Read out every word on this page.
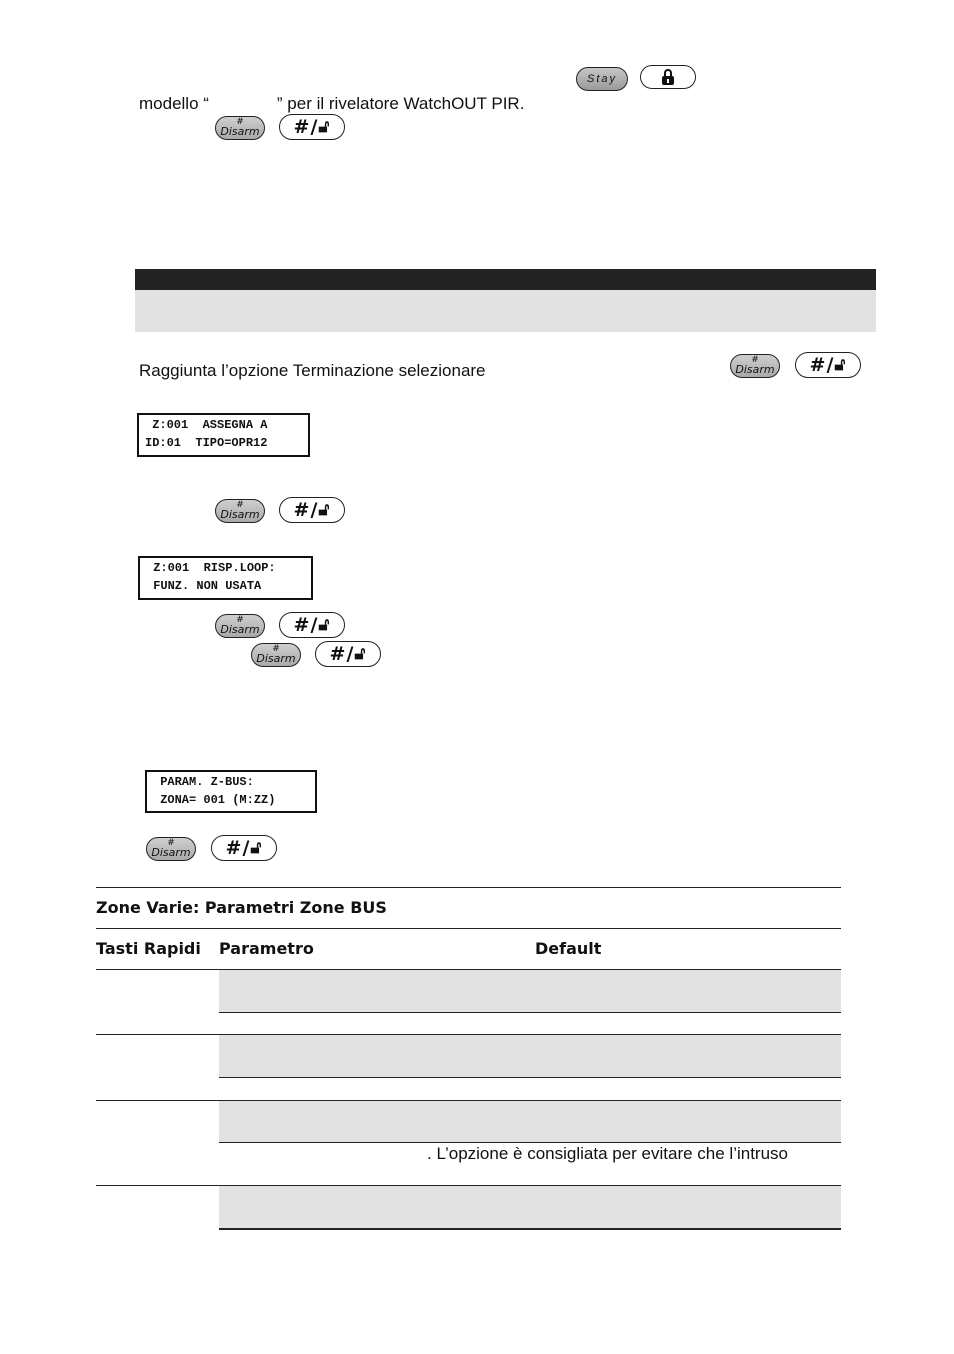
Stay
modello “	” per il rivelatore WatchOUT PIR.
#
Disarm #/ 🔓︎
Raggiunta l’opzione Terminazione selezionare
#
Disarm #/ 🔓︎
Z:001  ASSEGNA A
ID:01  TIPO=OPR12
#
Disarm #/ 🔓︎
Z:001  RISP.LOOP:
FUNZ. NON USATA
#
Disarm #/ 🔓︎
#
Disarm #/ 🔓︎
PARAM. Z-BUS:
ZONA= 001 (M:ZZ)
#
Disarm #/ 🔓︎
Zone Varie: Parametri Zone BUS
Tasti Rapidi Parametro	Default
. L’opzione è consigliata per evitare che l’intruso
